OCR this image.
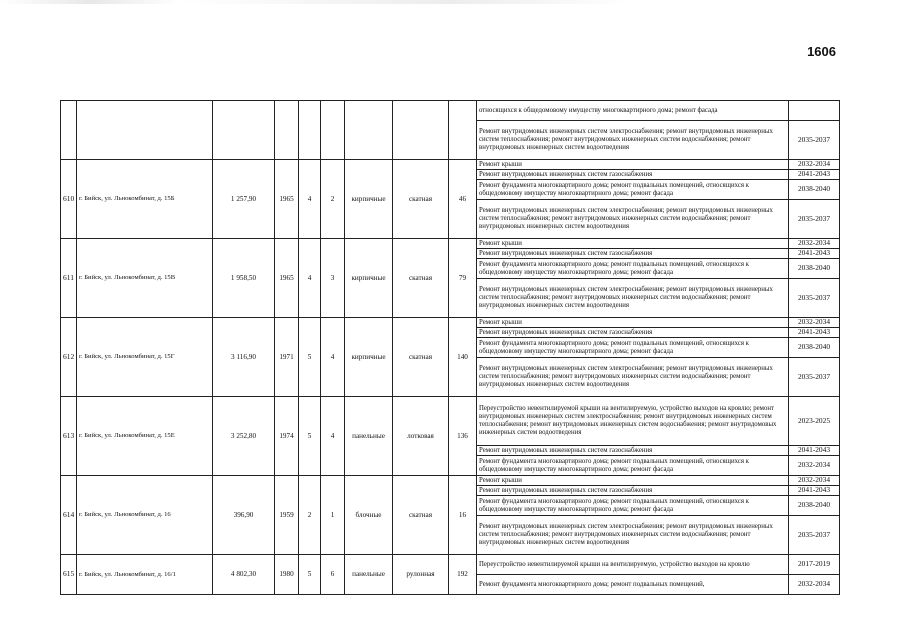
1606
									относящихся к общедомовому имуществу многоквартирного дома; ремонт фасада	
									Ремонт внутридомовых инженерных систем электроснабжения; ремонт внутридомовых инженерных систем теплоснабжения; ремонт внутридомовых инженерных систем водоснабжения; ремонт внутридомовых инженерных систем водоотведения	2035-2037
610	г. Бийск, ул. Льнокомбинат, д. 15Б	1 257,90	1965	4	2	кирпичные	скатная	46	Ремонт крыши	2032-2034
									Ремонт внутридомовых инженерных систем газоснабжения	2041-2043
									Ремонт фундамента многоквартирного дома; ремонт подвальных помещений, относящихся к общедомовому имуществу многоквартирного дома; ремонт фасада	2038-2040
									Ремонт внутридомовых инженерных систем электроснабжения; ремонт внутридомовых инженерных систем теплоснабжения; ремонт внутридомовых инженерных систем водоснабжения; ремонт внутридомовых инженерных систем водоотведения	2035-2037
611	г. Бийск, ул. Льнокомбинат, д. 15В	1 958,50	1965	4	3	кирпичные	скатная	79	Ремонт крыши	2032-2034
									Ремонт внутридомовых инженерных систем газоснабжения	2041-2043
									Ремонт фундамента многоквартирного дома; ремонт подвальных помещений, относящихся к общедомовому имуществу многоквартирного дома; ремонт фасада	2038-2040
									Ремонт внутридомовых инженерных систем электроснабжения; ремонт внутридомовых инженерных систем теплоснабжения; ремонт внутридомовых инженерных систем водоснабжения; ремонт внутридомовых инженерных систем водоотведения	2035-2037
612	г. Бийск, ул. Льнокомбинат, д. 15Г	3 116,90	1971	5	4	кирпичные	скатная	140	Ремонт крыши	2032-2034
									Ремонт внутридомовых инженерных систем газоснабжения	2041-2043
									Ремонт фундамента многоквартирного дома; ремонт подвальных помещений, относящихся к общедомовому имуществу многоквартирного дома; ремонт фасада	2038-2040
									Ремонт внутридомовых инженерных систем электроснабжения; ремонт внутридомовых инженерных систем теплоснабжения; ремонт внутридомовых инженерных систем водоснабжения; ремонт внутридомовых инженерных систем водоотведения	2035-2037
613	г. Бийск, ул. Льнокомбинат, д. 15Е	3 252,80	1974	5	4	панельные	лотковая	136	Переустройство невентилируемой крыши на вентилируемую, устройство выходов на кровлю; ремонт внутридомовых инженерных систем электроснабжения; ремонт внутридомовых инженерных систем теплоснабжения; ремонт внутридомовых инженерных систем водоснабжения; ремонт внутридомовых инженерных систем водоотведения	2023-2025
									Ремонт внутридомовых инженерных систем газоснабжения	2041-2043
									Ремонт фундамента многоквартирного дома; ремонт подвальных помещений, относящихся к общедомовому имуществу многоквартирного дома; ремонт фасада	2032-2034
614	г. Бийск, ул. Льнокомбинат, д. 16	396,90	1959	2	1	блочные	скатная	16	Ремонт крыши	2032-2034
									Ремонт внутридомовых инженерных систем газоснабжения	2041-2043
									Ремонт фундамента многоквартирного дома; ремонт подвальных помещений, относящихся к общедомовому имуществу многоквартирного дома; ремонт фасада	2038-2040
									Ремонт внутридомовых инженерных систем электроснабжения; ремонт внутридомовых инженерных систем теплоснабжения; ремонт внутридомовых инженерных систем водоснабжения; ремонт внутридомовых инженерных систем водоотведения	2035-2037
615	г. Бийск, ул. Льнокомбинат, д. 16/1	4 802,30	1980	5	6	панельные	рулонная	192	Переустройство невентилируемой крыши на вентилируемую, устройство выходов на кровлю	2017-2019
									Ремонт фундамента многоквартирного дома; ремонт подвальных помещений,	2032-2034
